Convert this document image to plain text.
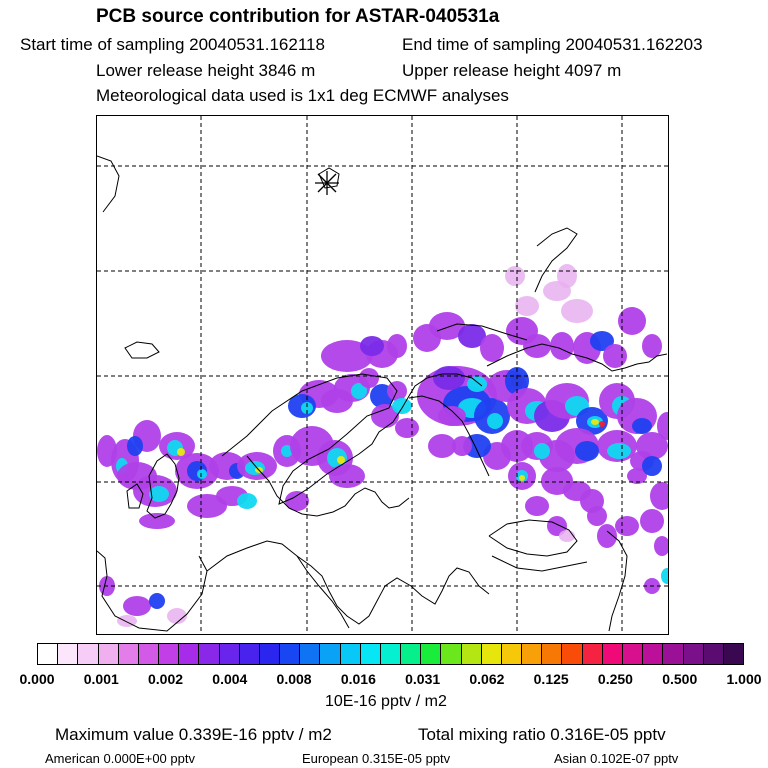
PCB source contribution for ASTAR-040531a
Start time of sampling 20040531.162118	End time of sampling 20040531.162203
Lower release height 3846 m	Upper release height 4097 m
Meteorological data used is 1x1 deg ECMWF analyses
0.000 0.001 0.002 0.004 0.008 0.016 0.031 0.062 0.125 0.250 0.500 1.000
10E-16 pptv / m2
Maximum value 0.339E-16 pptv / m2	Total mixing ratio 0.316E-05 pptv
American 0.000E+00 pptv	European 0.315E-05 pptv	Asian 0.102E-07 pptv
